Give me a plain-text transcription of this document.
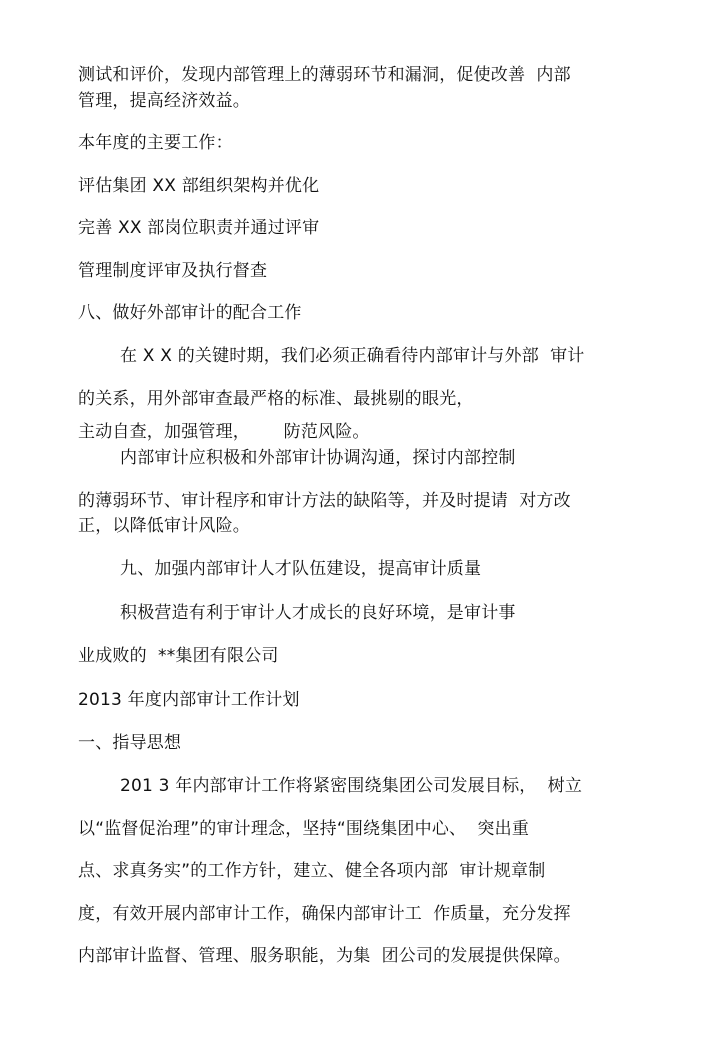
测试和评价，发现内部管理上的薄弱环节和漏洞，促使改善  内部
管理，提高经济效益。
本年度的主要工作：
评估集团 XX 部组织架构并优化
完善 XX 部岗位职责并通过评审
管理制度评审及执行督查
八、做好外部审计的配合工作
在 X X 的关键时期，我们必须正确看待内部审计与外部  审计
的关系，用外部审查最严格的标准、最挑剔的眼光，
主动自查，加强管理，      防范风险。
内部审计应积极和外部审计协调沟通，探讨内部控制
的薄弱环节、审计程序和审计方法的缺陷等，并及时提请  对方改
正，以降低审计风险。
九、加强内部审计人才队伍建设，提高审计质量
积极营造有利于审计人才成长的良好环境，是审计事
业成败的  **集团有限公司
2013 年度内部审计工作计划
一、指导思想
201 3 年内部审计工作将紧密围绕集团公司发展目标，  树立
以“监督促治理”的审计理念，坚持“围绕集团中心、  突出重
点、求真务实”的工作方针，建立、健全各项内部  审计规章制
度，有效开展内部审计工作，确保内部审计工  作质量，充分发挥
内部审计监督、管理、服务职能，为集  团公司的发展提供保障。
